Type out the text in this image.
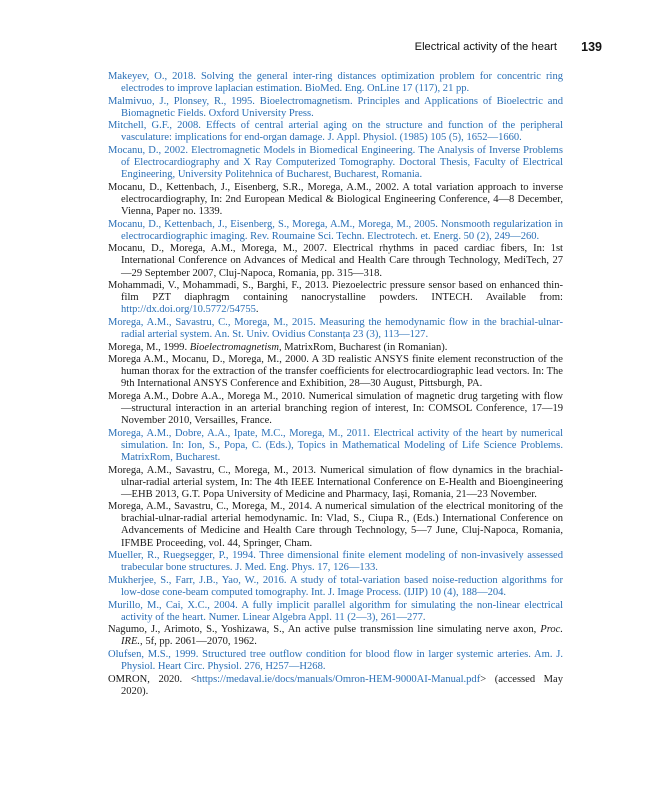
Electrical activity of the heart 139
Makeyev, O., 2018. Solving the general inter-ring distances optimization problem for concentric ring electrodes to improve laplacian estimation. BioMed. Eng. OnLine 17 (117), 21 pp.
Malmivuo, J., Plonsey, R., 1995. Bioelectromagnetism. Principles and Applications of Bioelectric and Biomagnetic Fields. Oxford University Press.
Mitchell, G.F., 2008. Effects of central arterial aging on the structure and function of the peripheral vasculature: implications for end-organ damage. J. Appl. Physiol. (1985) 105 (5), 1652—1660.
Mocanu, D., 2002. Electromagnetic Models in Biomedical Engineering. The Analysis of Inverse Problems of Electrocardiography and X Ray Computerized Tomography. Doctoral Thesis, Faculty of Electrical Engineering, University Politehnica of Bucharest, Bucharest, Romania.
Mocanu, D., Kettenbach, J., Eisenberg, S.R., Morega, A.M., 2002. A total variation approach to inverse electrocardiography, In: 2nd European Medical & Biological Engineering Conference, 4—8 December, Vienna, Paper no. 1339.
Mocanu, D., Kettenbach, J., Eisenberg, S., Morega, A.M., Morega, M., 2005. Nonsmooth regularization in electrocardiographic imaging. Rev. Roumaine Sci. Techn. Electrotech. et. Energ. 50 (2), 249—260.
Mocanu, D., Morega, A.M., Morega, M., 2007. Electrical rhythms in paced cardiac fibers, In: 1st International Conference on Advances of Medical and Health Care through Technology, MediTech, 27—29 September 2007, Cluj-Napoca, Romania, pp. 315—318.
Mohammadi, V., Mohammadi, S., Barghi, F., 2013. Piezoelectric pressure sensor based on enhanced thin-film PZT diaphragm containing nanocrystalline powders. INTECH. Available from: http://dx.doi.org/10.5772/54755.
Morega, A.M., Savastru, C., Morega, M., 2015. Measuring the hemodynamic flow in the brachial-ulnar-radial arterial system. An. St. Univ. Ovidius Constanța 23 (3), 113—127.
Morega, M., 1999. Bioelectromagnetism, MatrixRom, Bucharest (in Romanian).
Morega A.M., Mocanu, D., Morega, M., 2000. A 3D realistic ANSYS finite element reconstruction of the human thorax for the extraction of the transfer coefficients for electrocardiographic lead vectors. In: The 9th International ANSYS Conference and Exhibition, 28—30 August, Pittsburgh, PA.
Morega A.M., Dobre A.A., Morega M., 2010. Numerical simulation of magnetic drug targeting with flow—structural interaction in an arterial branching region of interest, In: COMSOL Conference, 17—19 November 2010, Versailles, France.
Morega, A.M., Dobre, A.A., Ipate, M.C., Morega, M., 2011. Electrical activity of the heart by numerical simulation. In: Ion, S., Popa, C. (Eds.), Topics in Mathematical Modeling of Life Science Problems. MatrixRom, Bucharest.
Morega, A.M., Savastru, C., Morega, M., 2013. Numerical simulation of flow dynamics in the brachial-ulnar-radial arterial system, In: The 4th IEEE International Conference on E-Health and Bioengineering—EHB 2013, G.T. Popa University of Medicine and Pharmacy, Iași, Romania, 21—23 November.
Morega, A.M., Savastru, C., Morega, M., 2014. A numerical simulation of the electrical monitoring of the brachial-ulnar-radial arterial hemodynamic. In: Vlad, S., Ciupa R., (Eds.) International Conference on Advancements of Medicine and Health Care through Technology, 5—7 June, Cluj-Napoca, Romania, IFMBE Proceeding, vol. 44, Springer, Cham.
Mueller, R., Ruegsegger, P., 1994. Three dimensional finite element modeling of non-invasively assessed trabecular bone structures. J. Med. Eng. Phys. 17, 126—133.
Mukherjee, S., Farr, J.B., Yao, W., 2016. A study of total-variation based noise-reduction algorithms for low-dose cone-beam computed tomography. Int. J. Image Process. (IJIP) 10 (4), 188—204.
Murillo, M., Cai, X.C., 2004. A fully implicit parallel algorithm for simulating the non-linear electrical activity of the heart. Numer. Linear Algebra Appl. 11 (2—3), 261—277.
Nagumo, J., Arimoto, S., Yoshizawa, S., An active pulse transmission line simulating nerve axon, Proc. IRE., 5f, pp. 2061—2070, 1962.
Olufsen, M.S., 1999. Structured tree outflow condition for blood flow in larger systemic arteries. Am. J. Physiol. Heart Circ. Physiol. 276, H257—H268.
OMRON, 2020. <https://medaval.ie/docs/manuals/Omron-HEM-9000AI-Manual.pdf> (accessed May 2020).
